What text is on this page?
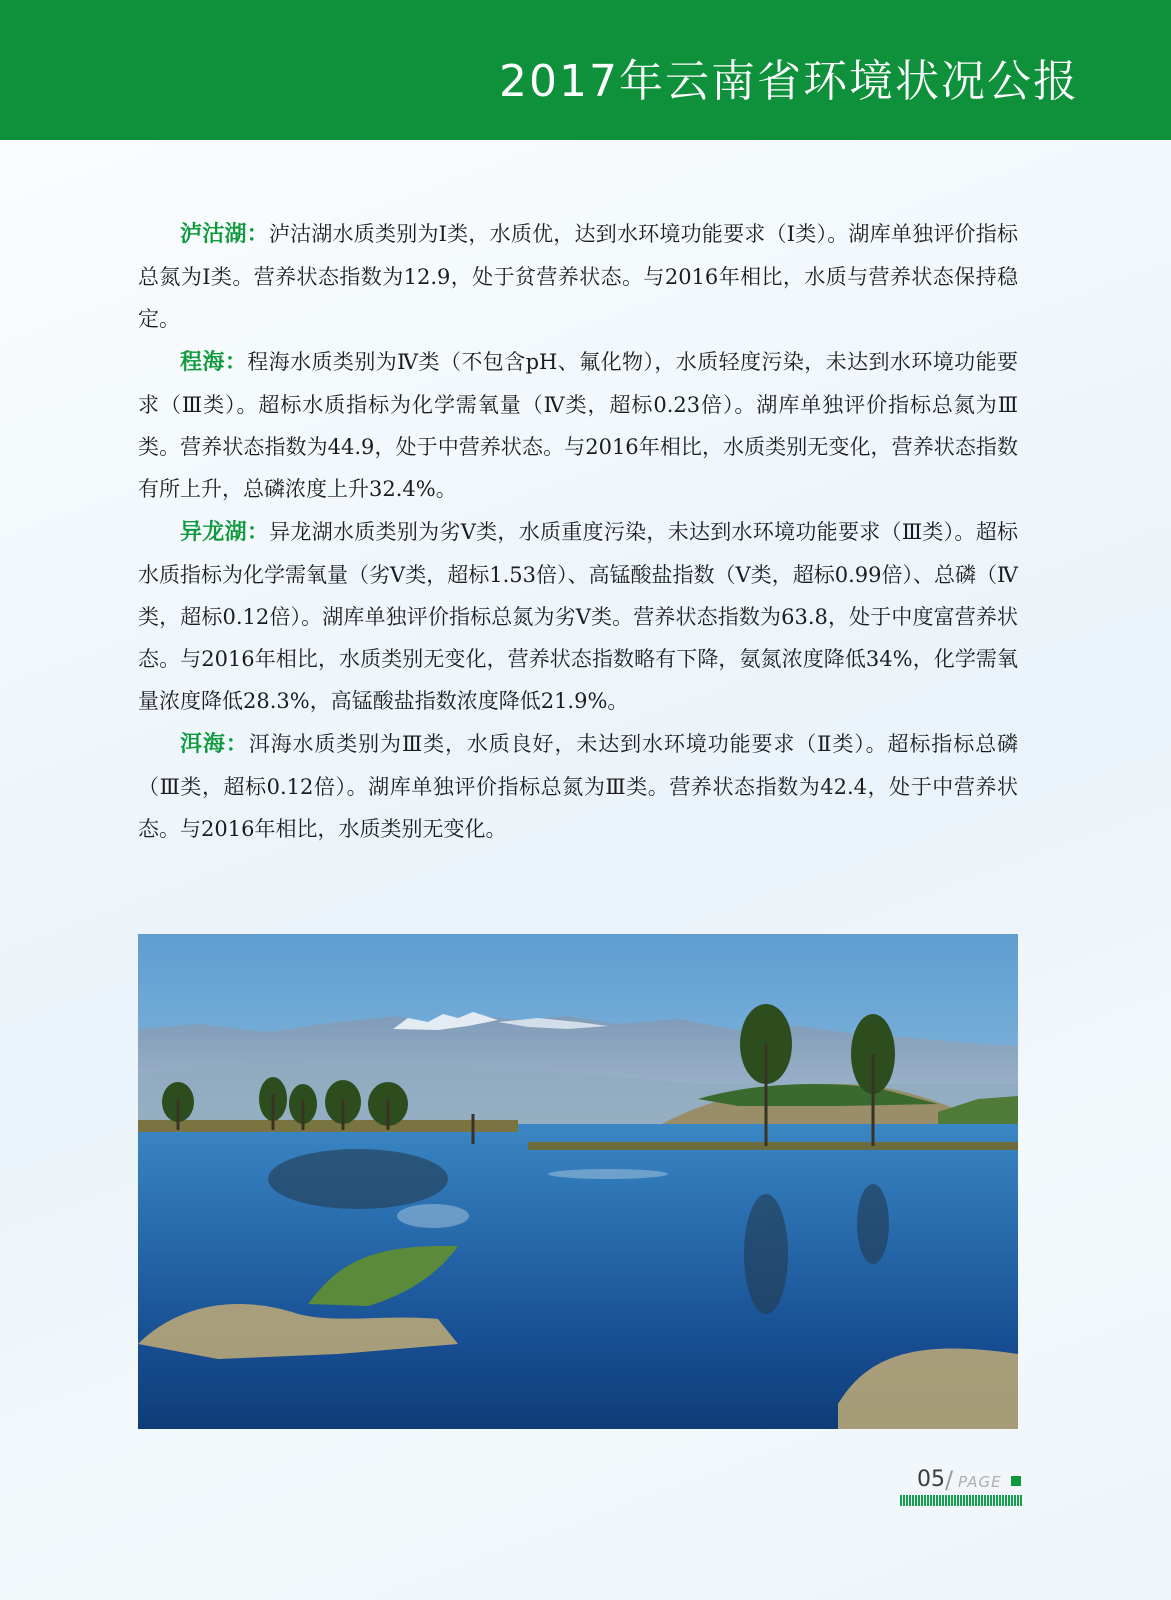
2017年云南省环境状况公报

泸沽湖：泸沽湖水质类别为Ⅰ类，水质优，达到水环境功能要求（Ⅰ类）。湖库单独评价指标总氮为Ⅰ类。营养状态指数为12.9，处于贫营养状态。与2016年相比，水质与营养状态保持稳定。

程海：程海水质类别为Ⅳ类（不包含pH、氟化物），水质轻度污染，未达到水环境功能要求（Ⅲ类）。超标水质指标为化学需氧量（Ⅳ类，超标0.23倍）。湖库单独评价指标总氮为Ⅲ类。营养状态指数为44.9，处于中营养状态。与2016年相比，水质类别无变化，营养状态指数有所上升，总磷浓度上升32.4%。

异龙湖：异龙湖水质类别为劣Ⅴ类，水质重度污染，未达到水环境功能要求（Ⅲ类）。超标水质指标为化学需氧量（劣Ⅴ类，超标1.53倍）、高锰酸盐指数（Ⅴ类，超标0.99倍）、总磷（Ⅳ类，超标0.12倍）。湖库单独评价指标总氮为劣Ⅴ类。营养状态指数为63.8，处于中度富营养状态。与2016年相比，水质类别无变化，营养状态指数略有下降，氨氮浓度降低34%，化学需氧量浓度降低28.3%，高锰酸盐指数浓度降低21.9%。

洱海：洱海水质类别为Ⅲ类，水质良好，未达到水环境功能要求（Ⅱ类）。超标指标总磷（Ⅲ类，超标0.12倍）。湖库单独评价指标总氮为Ⅲ类。营养状态指数为42.4，处于中营养状态。与2016年相比，水质类别无变化。

05 / PAGE
